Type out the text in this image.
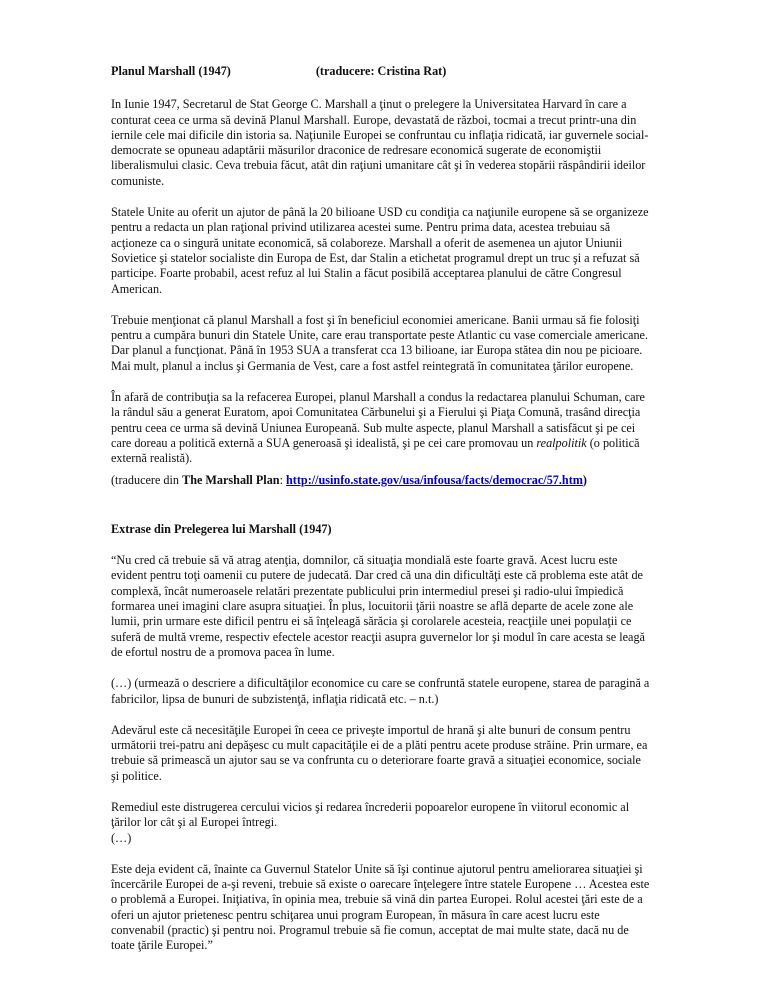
Planul Marshall (1947)	(traducere: Cristina Rat)

In Iunie 1947, Secretarul de Stat George C. Marshall a ţinut o prelegere la Universitatea Harvard în care a conturat ceea ce urma să devină Planul Marshall. Europe, devastată de război, tocmai a trecut printr-una din iernile cele mai dificile din istoria sa. Naţiunile Europei se confruntau cu inflaţia ridicată, iar guvernele social-democrate se opuneau adaptării măsurilor draconice de redresare economică sugerate de economiştii liberalismului clasic. Ceva trebuia făcut, atât din raţiuni umanitare cât şi în vederea stopării răspândirii ideilor comuniste.

Statele Unite au oferit un ajutor de până la 20 bilioane USD cu condiţia ca naţiunile europene să se organizeze pentru a redacta un plan raţional privind utilizarea acestei sume. Pentru prima data, acestea trebuiau să acţioneze ca o singură unitate economică, să colaboreze. Marshall a oferit de asemenea un ajutor Uniunii Sovietice şi statelor socialiste din Europa de Est, dar Stalin a etichetat programul drept un truc şi a refuzat să participe. Foarte probabil, acest refuz al lui Stalin a făcut posibilă acceptarea planului de către Congresul American.

Trebuie menţionat că planul Marshall a fost şi în beneficiul economiei americane. Banii urmau să fie folosiţi pentru a cumpăra bunuri din Statele Unite, care erau transportate peste Atlantic cu vase comerciale americane. Dar planul a funcţionat. Până în 1953 SUA a transferat cca 13 bilioane, iar Europa stătea din nou pe picioare. Mai mult, planul a inclus şi Germania de Vest, care a fost astfel reintegrată în comunitatea ţărilor europene.

În afară de contribuţia sa la refacerea Europei, planul Marshall a condus la redactarea planului Schuman, care la rândul său a generat Euratom, apoi Comunitatea Cărbunelui şi a Fierului şi Piaţa Comună, trasând direcţia pentru ceea ce urma să devină Uniunea Europeană. Sub multe aspecte, planul Marshall a satisfăcut şi pe cei care doreau a politică externă a SUA generoasă şi idealistă, şi pe cei care promovau un realpolitik (o politică externă realistă).

(traducere din The Marshall Plan: http://usinfo.state.gov/usa/infousa/facts/democrac/57.htm)

Extrase din Prelegerea lui Marshall (1947)

“Nu cred că trebuie să vă atrag atenţia, domnilor, că situaţia mondială este foarte gravă. Acest lucru este evident pentru toţi oamenii cu putere de judecată. Dar cred că una din dificultăţi este că problema este atât de complexă, încât numeroasele relatări prezentate publicului prin intermediul presei şi radio-ului împiedică formarea unei imagini clare asupra situaţiei. În plus, locuitorii ţării noastre se află departe de acele zone ale lumii, prin urmare este dificil pentru ei să înţeleagă sărăcia şi corolarele acesteia, reacţiile unei populaţii ce suferă de multă vreme, respectiv efectele acestor reacţii asupra guvernelor lor şi modul în care acesta se leagă de efortul nostru de a promova pacea în lume.

(…) (urmează o descriere a dificultăţilor economice cu care se confruntă statele europene, starea de paragină a fabricilor, lipsa de bunuri de subzistenţă, inflaţia ridicată etc. – n.t.)

Adevărul este că necesităţile Europei în ceea ce priveşte importul de hrană şi alte bunuri de consum pentru următorii trei-patru ani depăşesc cu mult capacităţile ei de a plăti pentru acete produse străine. Prin urmare, ea trebuie să primească un ajutor sau se va confrunta cu o deteriorare foarte gravă a situaţiei economice, sociale şi politice.

Remediul este distrugerea cercului vicios şi redarea încrederii popoarelor europene în viitorul economic al ţărilor lor cât şi al Europei întregi.

(…)

Este deja evident că, înainte ca Guvernul Statelor Unite să îşi continue ajutorul pentru ameliorarea situaţiei şi încercările Europei de a-şi reveni, trebuie să existe o oarecare înţelegere între statele Europene … Acestea este o problemă a Europei. Iniţiativa, în opinia mea, trebuie să vină din partea Europei. Rolul acestei ţări este de a oferi un ajutor prietenesc pentru schiţarea unui program European, în măsura în care acest lucru este convenabil (practic) şi pentru noi. Programul trebuie să fie comun, acceptat de mai multe state, dacă nu de toate ţările Europei.”
